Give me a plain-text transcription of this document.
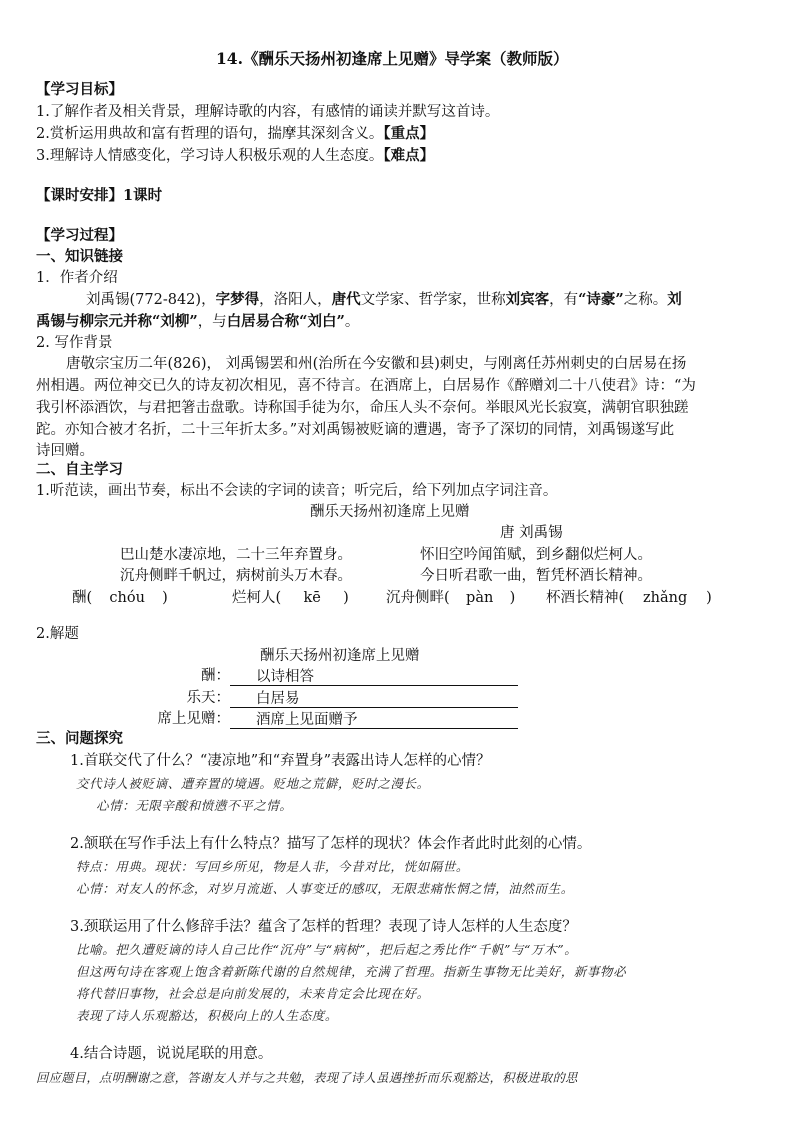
14.《酬乐天扬州初逢席上见赠》导学案（教师版）
【学习目标】
1.了解作者及相关背景，理解诗歌的内容，有感情的诵读并默写这首诗。
2.赏析运用典故和富有哲理的语句，揣摩其深刻含义。【重点】
3.理解诗人情感变化，学习诗人积极乐观的人生态度。【难点】
【课时安排】1课时
【学习过程】
一、知识链接
1．作者介绍
刘禹锡(772-842)，字梦得，洛阳人，唐代文学家、哲学家，世称刘宾客，有“诗豪”之称。刘
禹锡与柳宗元并称“刘柳”，与白居易合称“刘白”。
2. 写作背景
唐敬宗宝历二年(826)， 刘禹锡罢和州(治所在今安徽和县)刺史，与刚离任苏州刺史的白居易在扬
州相遇。两位神交已久的诗友初次相见，喜不待言。在酒席上，白居易作《醉赠刘二十八使君》诗：“为
我引杯添酒饮，与君把箸击盘歌。诗称国手徒为尔，命压人头不奈何。举眼风光长寂寞，满朝官职独蹉
跎。亦知合被才名折，二十三年折太多。”对刘禹锡被贬谪的遭遇，寄予了深切的同情，刘禹锡遂写此
诗回赠。
二、自主学习
1.听范读，画出节奏，标出不会读的字词的读音；听完后，给下列加点字词注音。
酬乐天扬州初逢席上见赠
唐 刘禹锡
巴山楚水凄凉地，二十三年弃置身。	怀旧空吟闻笛赋，到乡翻似烂柯人。
沉舟侧畔千帆过，病树前头万木春。	今日听君歌一曲，暂凭杯酒长精神。
酬( chóu )	烂柯人( kē )	沉舟侧畔( pàn ) 杯酒长精神( zhǎng )
2.解题
酬乐天扬州初逢席上见赠
酬： 以诗相答
乐天： 白居易
席上见赠： 酒席上见面赠予
三、问题探究
1.首联交代了什么？“凄凉地”和“弃置身”表露出诗人怎样的心情？
交代诗人被贬谪、遭弃置的境遇。贬地之荒僻，贬时之漫长。
心情：无限辛酸和愤懑不平之情。
2.颔联在写作手法上有什么特点？描写了怎样的现状？体会作者此时此刻的心情。
特点：用典。现状：写回乡所见，物是人非，今昔对比，恍如隔世。
心情：对友人的怀念，对岁月流逝、人事变迁的感叹，无限悲痛怅惘之情，油然而生。
3.颈联运用了什么修辞手法？蕴含了怎样的哲理？表现了诗人怎样的人生态度？
比喻。把久遭贬谪的诗人自己比作“沉舟”与“病树”，把后起之秀比作“千帆”与“万木”。
但这两句诗在客观上饱含着新陈代谢的自然规律，充满了哲理。指新生事物无比美好，新事物必
将代替旧事物，社会总是向前发展的，未来肯定会比现在好。
表现了诗人乐观豁达，积极向上的人生态度。
4.结合诗题，说说尾联的用意。
回应题目，点明酬谢之意，答谢友人并与之共勉，表现了诗人虽遇挫折而乐观豁达，积极进取的思
